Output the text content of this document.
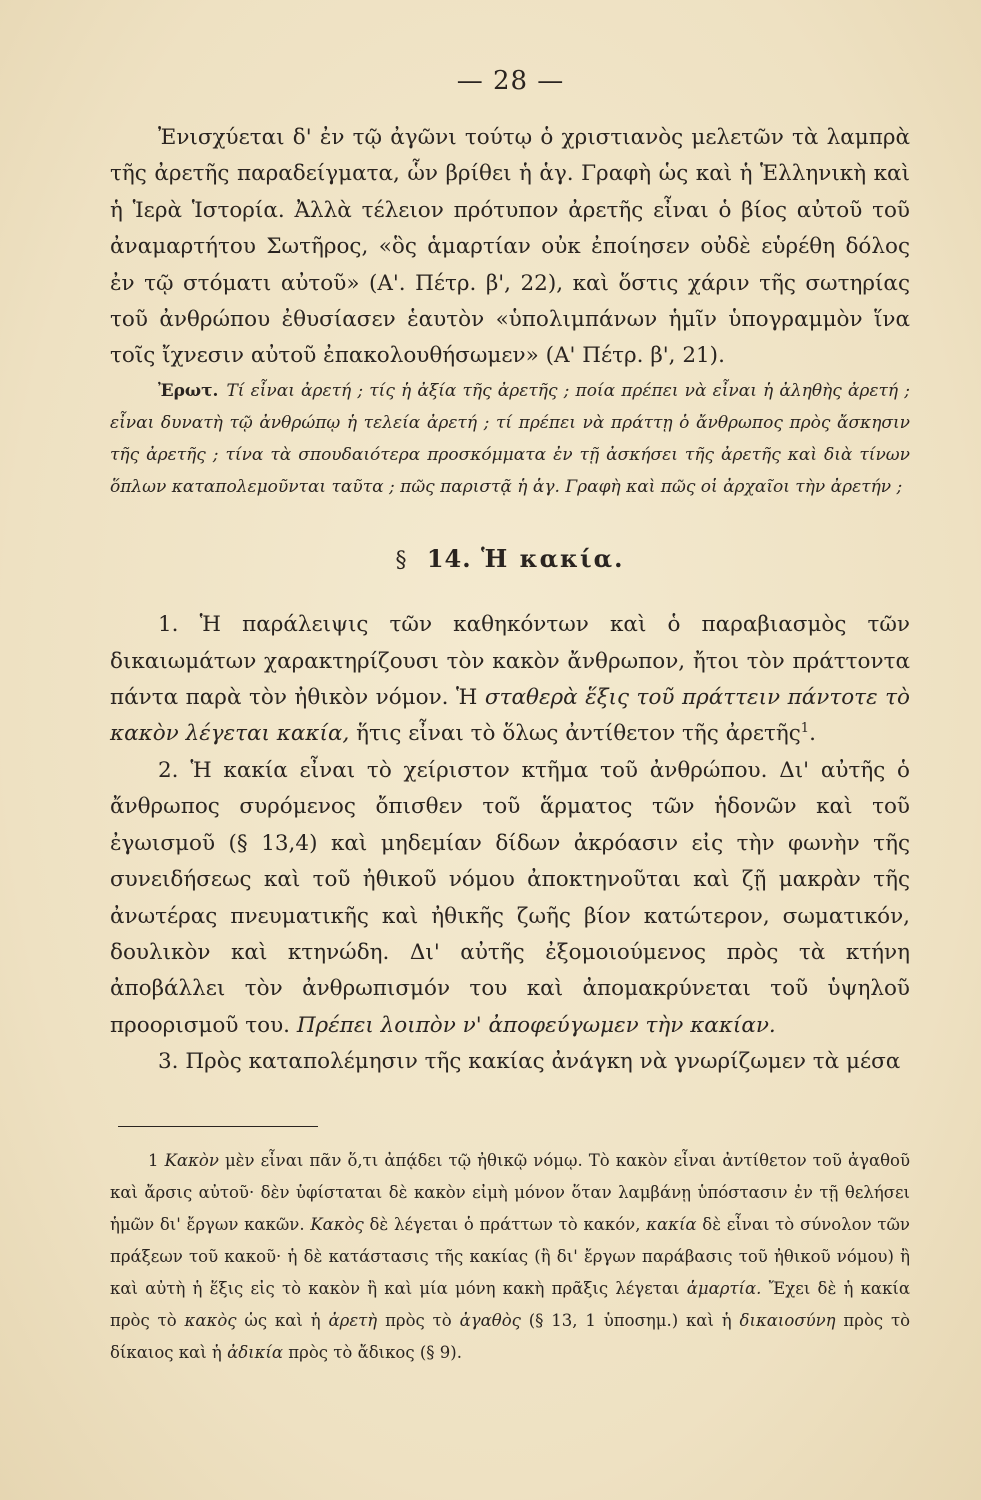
— 28 —

Ἐνισχύεται δ' ἐν τῷ ἀγῶνι τούτῳ ὁ χριστιανὸς μελετῶν τὰ λαμπρὰ τῆς ἀρετῆς παραδείγματα, ὧν βρίθει ἡ ἁγ. Γραφὴ ὡς καὶ ἡ Ἑλληνικὴ καὶ ἡ Ἱερὰ Ἱστορία. Ἀλλὰ τέλειον πρότυπον ἀρετῆς εἶναι ὁ βίος αὐτοῦ τοῦ ἀναμαρτήτου Σωτῆρος, «ὃς ἁμαρτίαν οὐκ ἐποίησεν οὐδὲ εὑρέθη δόλος ἐν τῷ στόματι αὐτοῦ» (Α'. Πέτρ. β', 22), καὶ ὅστις χάριν τῆς σωτηρίας τοῦ ἀνθρώπου ἐθυσίασεν ἑαυτὸν «ὑπολιμπάνων ἡμῖν ὑπογραμμὸν ἵνα τοῖς ἴχνεσιν αὐτοῦ ἐπακολουθήσωμεν» (Α' Πέτρ. β', 21).

Ἐρωτ. Τί εἶναι ἀρετή ; τίς ἡ ἀξία τῆς ἀρετῆς ; ποία πρέπει νὰ εἶναι ἡ ἀληθὴς ἀρετή ; εἶναι δυνατὴ τῷ ἀνθρώπῳ ἡ τελεία ἀρετή ; τί πρέπει νὰ πράττῃ ὁ ἄνθρωπος πρὸς ἄσκησιν τῆς ἀρετῆς ; τίνα τὰ σπουδαιότερα προσκόμματα ἐν τῇ ἀσκήσει τῆς ἀρετῆς καὶ διὰ τίνων ὅπλων καταπολεμοῦνται ταῦτα ; πῶς παριστᾷ ἡ ἁγ. Γραφὴ καὶ πῶς οἱ ἀρχαῖοι τὴν ἀρετήν ;

§ 14. Ἡ κακία.

1. Ἡ παράλειψις τῶν καθηκόντων καὶ ὁ παραβιασμὸς τῶν δικαιωμάτων χαρακτηρίζουσι τὸν κακὸν ἄνθρωπον, ἤτοι τὸν πράττοντα πάντα παρὰ τὸν ἠθικὸν νόμον. Ἡ σταθερὰ ἕξις τοῦ πράττειν πάντοτε τὸ κακὸν λέγεται κακία, ἥτις εἶναι τὸ ὅλως ἀντίθετον τῆς ἀρετῆς$^1$.

2. Ἡ κακία εἶναι τὸ χείριστον κτῆμα τοῦ ἀνθρώπου. Δι' αὐτῆς ὁ ἄνθρωπος συρόμενος ὄπισθεν τοῦ ἅρματος τῶν ἡδονῶν καὶ τοῦ ἐγωισμοῦ (§ 13,4) καὶ μηδεμίαν δίδων ἀκρόασιν εἰς τὴν φωνὴν τῆς συνειδήσεως καὶ τοῦ ἠθικοῦ νόμου ἀποκτηνοῦται καὶ ζῇ μακρὰν τῆς ἀνωτέρας πνευματικῆς καὶ ἠθικῆς ζωῆς βίον κατώτερον, σωματικόν, δουλικὸν καὶ κτηνώδη. Δι' αὐτῆς ἐξομοιούμενος πρὸς τὰ κτήνη ἀποβάλλει τὸν ἀνθρωπισμόν του καὶ ἀπομακρύνεται τοῦ ὑψηλοῦ προορισμοῦ του. Πρέπει λοιπὸν ν' ἀποφεύγωμεν τὴν κακίαν.

3. Πρὸς καταπολέμησιν τῆς κακίας ἀνάγκη νὰ γνωρίζωμεν τὰ μέσα

1 Κακὸν μὲν εἶναι πᾶν ὅ,τι ἀπᾴδει τῷ ἠθικῷ νόμῳ. Τὸ κακὸν εἶναι ἀντίθετον τοῦ ἀγαθοῦ καὶ ἄρσις αὐτοῦ· δὲν ὑφίσταται δὲ κακὸν εἰμὴ μόνον ὅταν λαμβάνῃ ὑπόστασιν ἐν τῇ θελήσει ἡμῶν δι' ἔργων κακῶν. Κακὸς δὲ λέγεται ὁ πράττων τὸ κακόν, κακία δὲ εἶναι τὸ σύνολον τῶν πράξεων τοῦ κακοῦ· ἡ δὲ κατάστασις τῆς κακίας (ἢ δι' ἔργων παράβασις τοῦ ἠθικοῦ νόμου) ἢ καὶ αὐτὴ ἡ ἕξις εἰς τὸ κακὸν ἢ καὶ μία μόνη κακὴ πρᾶξις λέγεται ἁμαρτία. Ἔχει δὲ ἡ κακία πρὸς τὸ κακὸς ὡς καὶ ἡ ἀρετὴ πρὸς τὸ ἀγαθὸς (§ 13, 1 ὑποσημ.) καὶ ἡ δικαιοσύνη πρὸς τὸ δίκαιος καὶ ἡ ἀδικία πρὸς τὸ ἄδικος (§ 9).
